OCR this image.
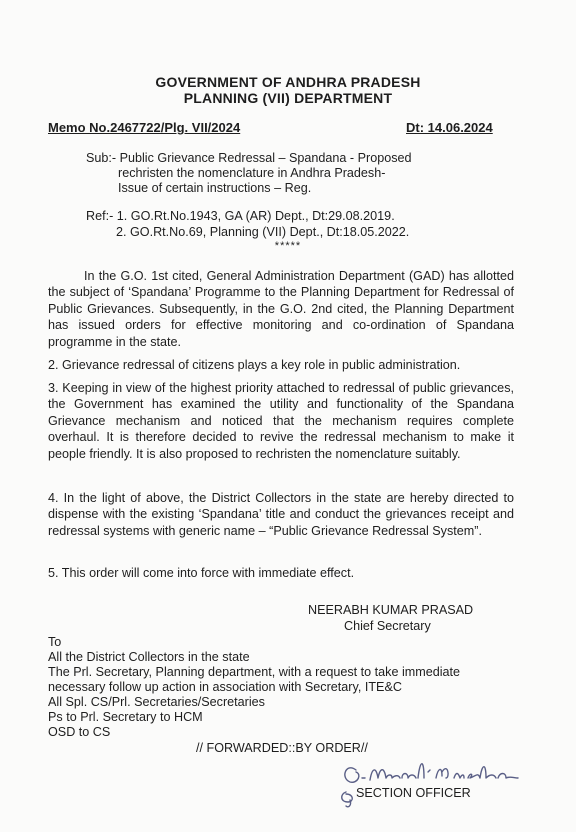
GOVERNMENT OF ANDHRA PRADESH
PLANNING (VII) DEPARTMENT
Memo No.2467722/Plg. VII/2024	Dt: 14.06.2024
Sub:- Public Grievance Redressal – Spandana - Proposed
rechristen the nomenclature in Andhra Pradesh-
Issue of certain instructions – Reg.
Ref:- 1. GO.Rt.No.1943, GA (AR) Dept., Dt:29.08.2019.
2. GO.Rt.No.69, Planning (VII) Dept., Dt:18.05.2022.
*****
In the G.O. 1st cited, General Administration Department (GAD) has allotted the subject of ‘Spandana’ Programme to the Planning Department for Redressal of Public Grievances. Subsequently, in the G.O. 2nd cited, the Planning Department has issued orders for effective monitoring and co-ordination of Spandana programme in the state.
2. Grievance redressal of citizens plays a key role in public administration.
3. Keeping in view of the highest priority attached to redressal of public grievances, the Government has examined the utility and functionality of the Spandana Grievance mechanism and noticed that the mechanism requires complete overhaul. It is therefore decided to revive the redressal mechanism to make it people friendly. It is also proposed to rechristen the nomenclature suitably.
4. In the light of above, the District Collectors in the state are hereby directed to dispense with the existing ‘Spandana’ title and conduct the grievances receipt and redressal systems with generic name – “Public Grievance Redressal System”.
5. This order will come into force with immediate effect.
NEERABH KUMAR PRASAD
Chief Secretary
To
All the District Collectors in the state
The Prl. Secretary, Planning department, with a request to take immediate
necessary follow up action in association with Secretary, ITE&C
All Spl. CS/Prl. Secretaries/Secretaries
Ps to Prl. Secretary to HCM
OSD to CS
// FORWARDED::BY ORDER//
SECTION OFFICER
